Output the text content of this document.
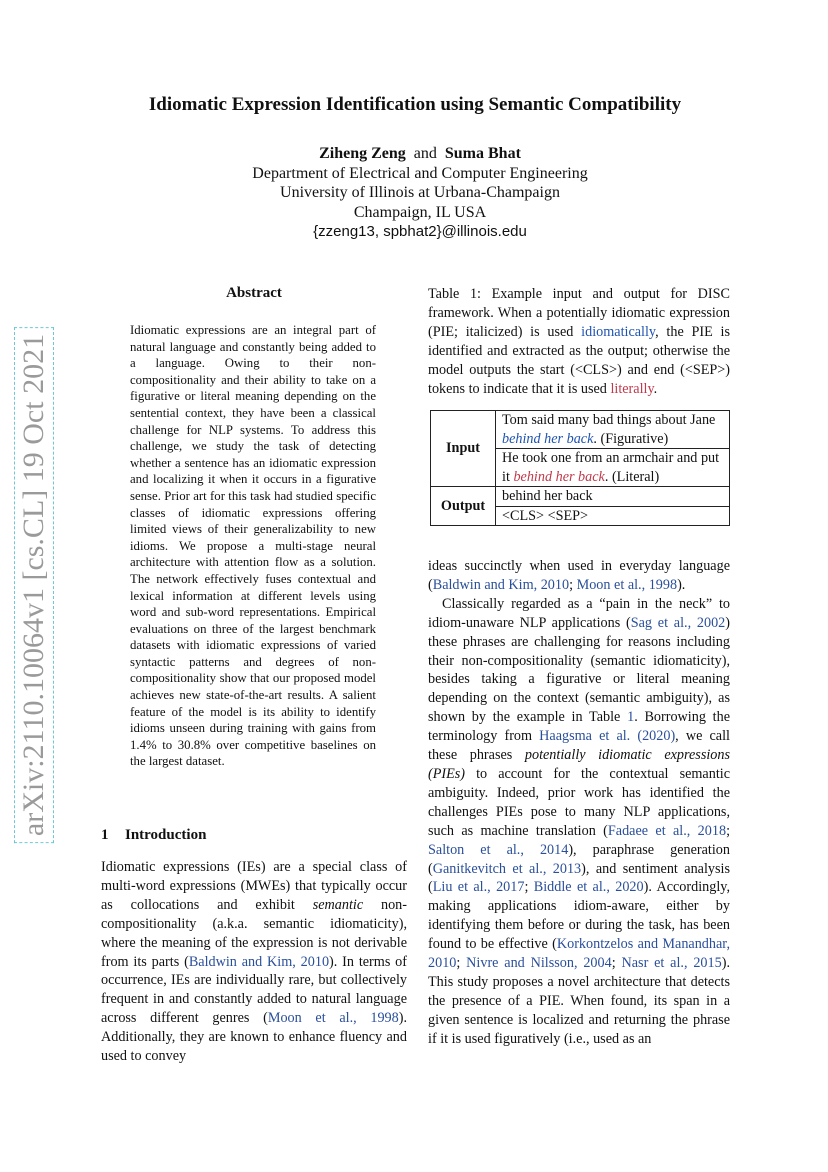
arXiv:2110.10064v1 [cs.CL] 19 Oct 2021
Idiomatic Expression Identification using Semantic Compatibility
Ziheng Zeng and Suma Bhat
Department of Electrical and Computer Engineering
University of Illinois at Urbana-Champaign
Champaign, IL USA
{zzeng13, spbhat2}@illinois.edu
Abstract
Idiomatic expressions are an integral part of natural language and constantly being added to a language. Owing to their non-compositionality and their ability to take on a figurative or literal meaning depending on the sentential context, they have been a classical challenge for NLP systems. To address this challenge, we study the task of detecting whether a sentence has an idiomatic expression and localizing it when it occurs in a figurative sense. Prior art for this task had studied specific classes of idiomatic expressions offering limited views of their generalizability to new idioms. We propose a multi-stage neural architecture with attention flow as a solution. The network effectively fuses contextual and lexical information at different levels using word and sub-word representations. Empirical evaluations on three of the largest benchmark datasets with idiomatic expressions of varied syntactic patterns and degrees of non-compositionality show that our proposed model achieves new state-of-the-art results. A salient feature of the model is its ability to identify idioms unseen during training with gains from 1.4% to 30.8% over competitive baselines on the largest dataset.
1 Introduction

Idiomatic expressions (IEs) are a special class of multi-word expressions (MWEs) that typically occur as collocations and exhibit semantic non-compositionality (a.k.a. semantic idiomaticity), where the meaning of the expression is not derivable from its parts (Baldwin and Kim, 2010). In terms of occurrence, IEs are individually rare, but collectively frequent in and constantly added to natural language across different genres (Moon et al., 1998). Additionally, they are known to enhance fluency and used to convey

Table 1: Example input and output for DISC framework. When a potentially idiomatic expression (PIE; italicized) is used idiomatically, the PIE is identified and extracted as the output; otherwise the model outputs the start (<CLS>) and end (<SEP>) tokens to indicate that it is used literally.
Input	Tom said many bad things about Jane behind her back. (Figurative)
	He took one from an armchair and put it behind her back. (Literal)
Output	behind her back
	<CLS> <SEP>

ideas succinctly when used in everyday language (Baldwin and Kim, 2010; Moon et al., 1998).

Classically regarded as a “pain in the neck” to idiom-unaware NLP applications (Sag et al., 2002) these phrases are challenging for reasons including their non-compositionality (semantic idiomaticity), besides taking a figurative or literal meaning depending on the context (semantic ambiguity), as shown by the example in Table 1. Borrowing the terminology from Haagsma et al. (2020), we call these phrases potentially idiomatic expressions (PIEs) to account for the contextual semantic ambiguity. Indeed, prior work has identified the challenges PIEs pose to many NLP applications, such as machine translation (Fadaee et al., 2018; Salton et al., 2014), paraphrase generation (Ganitkevitch et al., 2013), and sentiment analysis (Liu et al., 2017; Biddle et al., 2020). Accordingly, making applications idiom-aware, either by identifying them before or during the task, has been found to be effective (Korkontzelos and Manandhar, 2010; Nivre and Nilsson, 2004; Nasr et al., 2015). This study proposes a novel architecture that detects the presence of a PIE. When found, its span in a given sentence is localized and returning the phrase if it is used figuratively (i.e., used as an
